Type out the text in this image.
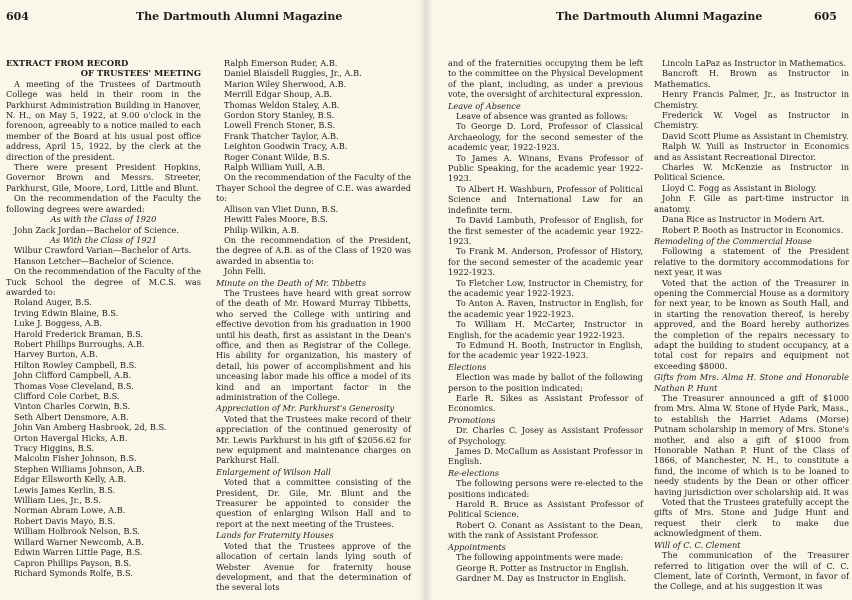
604	The Dartmouth Alumni Magazine

EXTRACT FROM RECORD

OF TRUSTEES' MEETING

A meeting of the Trustees of Dartmouth College was held in their room in the Parkhurst Administration Building in Hanover, N. H., on May 5, 1922, at 9.00 o'clock in the forenoon, agreeably to a notice mailed to each member of the Board at his usual post office address, April 15, 1922, by the clerk at the direction of the president.

There were present President Hopkins, Governor Brown and Messrs. Streeter, Parkhurst, Gile, Moore, Lord, Little and Blunt.

On the recommendation of the Faculty the following degrees were awarded:

As with the Class of 1920

John Zack Jordan—Bachelor of Science.

As With the Class of 1921

Wilbur Crawford Varian—Bachelor of Arts.

Hanson Letcher—Bachelor of Science.

On the recommendation of the Faculty of the Tuck School the degree of M.C.S. was awarded to:

Roland Auger, B.S.

Irving Edwin Blaine, B.S.

Luke J. Boggess, A.B.

Harold Frederick Braman, B.S.

Robert Phillips Burroughs, A.B.

Harvey Burton, A.B.

Hilton Rowley Campbell, B.S.

John Clifford Campbell, A.B.

Thomas Vose Cleveland, B.S.

Clifford Cole Corbet, B.S.

Vinton Charles Corwin, B.S.

Seth Albert Densmore, A.B.

John Van Amberg Hasbrook, 2d, B.S.

Orton Havergal Hicks, A.B.

Tracy Higgins, B.S.

Malcolm Fisher Johnson, B.S.

Stephen Williams Johnson, A.B.

Edgar Ellsworth Kelly, A.B.

Lewis James Kerlin, B.S.

William Lies, Jr., B.S.

Norman Abram Lowe, A.B.

Robert Davis Mayo, B.S.

William Holbrook Nelson, B.S.

Willard Warner Newcomb, A.B.

Edwin Warren Little Page, B.S.

Capron Phillips Payson, B.S.

Richard Symonds Rolfe, B.S.

Ralph Emerson Ruder, A.B.

Daniel Blaisdell Ruggles, Jr., A.B.

Marion Wiley Sherwood, A.B.

Merrill Edgar Shoup, A.B.

Thomas Weldon Staley, A.B.

Gordon Story Stanley, B.S.

Lowell French Stoner, B.S.

Frank Thatcher Taylor, A.B.

Leighton Goodwin Tracy, A.B.

Roger Conant Wilde, B.S.

Ralph William Yuill, A.B.

On the recommendation of the Faculty of the Thayer School the degree of C.E. was awarded to:

Allison van Vliet Dunn, B.S.

Hewitt Fales Moore, B.S.

Philip Wilkin, A.B.

On the recommendation of the President, the degree of A.B. as of the Class of 1920 was awarded in absentia to:

John Felli.

Minute on the Death of Mr. Tibbetts

The Trustees have heard with great sorrow of the death of Mr. Howard Murray Tibbetts, who served the College with untiring and effective devotion from his graduation in 1900 until his death, first as assistant in the Dean's office, and then as Registrar of the College. His ability for organization, his mastery of detail, his power of accomplishment and his unceasing labor made his office a model of its kind and an important factor in the administration of the College.

Appreciation of Mr. Parkhurst's Generosity

Voted that the Trustees make record of their appreciation of the continued generosity of Mr. Lewis Parkhurst in his gift of $2056.62 for new equipment and maintenance charges on Parkhurst Hall.

Enlargement of Wilson Hall

Voted that a committee consisting of the President, Dr. Gile, Mr. Blunt and the Treasurer be appointed to consider the question of enlarging Wilson Hall and to report at the next meeting of the Trustees.

Lands for Fraternity Houses

Voted that the Trustees approve of the allocation of certain lands lying south of Webster Avenue for fraternity house development, and that the determination of the several lots

The Dartmouth Alumni Magazine	605

and of the fraternities occupying them be left to the committee on the Physical Development of the plant, including, as under a previous vote, the oversight of architectural expression.

Leave of Absence

Leave of absence was granted as follows:

To George D. Lord, Professor of Classical Archaeology, for the second semester of the academic year, 1922-1923.

To James A. Winans, Evans Professor of Public Speaking, for the academic year 1922-1923.

To Albert H. Washburn, Professor of Political Science and International Law for an indefinite term.

To David Lambuth, Professor of English, for the first semester of the academic year 1922-1923.

To Frank M. Anderson, Professor of History, for the second semester of the academic year 1922-1923.

To Fletcher Low, Instructor in Chemistry, for the academic year 1922-1923.

To Anton A. Raven, Instructor in English, for the academic year 1922-1923.

To William H. McCarter, Instructor in English, for the academic year 1922-1923.

To Edmund H. Booth, Instructor in English, for the academic year 1922-1923.

Elections

Election was made by ballot of the following person to the position indicated:

Earle R. Sikes as Assistant Professor of Economics.

Promotions

Dr. Charles C. Josey as Assistant Professor of Psychology.

James D. McCallum as Assistant Professor in English.

Re-elections

The following persons were re-elected to the positions indicated:

Harold R. Bruce as Assistant Professor of Political Science.

Robert O. Conant as Assistant to the Dean, with the rank of Assistant Professor.

Appointments

The following appointments were made:

George R. Potter as Instructor in English.

Gardner M. Day as Instructor in English.

Lincoln LaPaz as Instructor in Mathematics.

Bancroft H. Brown as Instructor in Mathematics.

Henry Francis Palmer, Jr., as Instructor in Chemistry.

Frederick W. Vogel as Instructor in Chemistry.

David Scott Plume as Assistant in Chemistry.

Ralph W. Yuill as Instructor in Economics and as Assistant Recreational Director.

Charles W. McKenzie as Instructor in Political Science.

Lloyd C. Fogg as Assistant in Biology.

John F. Gile as part-time instructor in anatomy.

Dana Rice as Instructor in Modern Art.

Robert P. Booth as Instructor in Economics.

Remodeling of the Commercial House

Following a statement of the President relative to the dormitory accommodations for next year, it was

Voted that the action of the Treasurer in opening the Commercial House as a dormitory for next year, to be known as South Hall, and in starting the renovation thereof, is hereby approved, and the Board hereby authorizes the completion of the repairs necessary to adapt the building to student occupancy, at a total cost for repairs and equipment not exceeding $8000.

Gifts from Mrs. Alma H. Stone and Honorable Nathan P. Hunt

The Treasurer announced a gift of $1000 from Mrs. Alma W. Stone of Hyde Park, Mass., to establish the Harriet Adams (Morse) Putnam scholarship in memory of Mrs. Stone's mother, and also a gift of $1000 from Honorable Nathan P. Hunt of the Class of 1866, of Manchester, N. H., to constitute a fund, the income of which is to be loaned to needy students by the Dean or other officer having jurisdiction over scholarship aid. It was

Voted that the Trustees gratefully accept the gifts of Mrs. Stone and Judge Hunt and request their clerk to make due acknowledgment of them.

Will of C. C. Clement

The communication of the Treasurer referred to litigation over the will of C. C. Clement, late of Corinth, Vermont, in favor of the College, and at his suggestion it was
